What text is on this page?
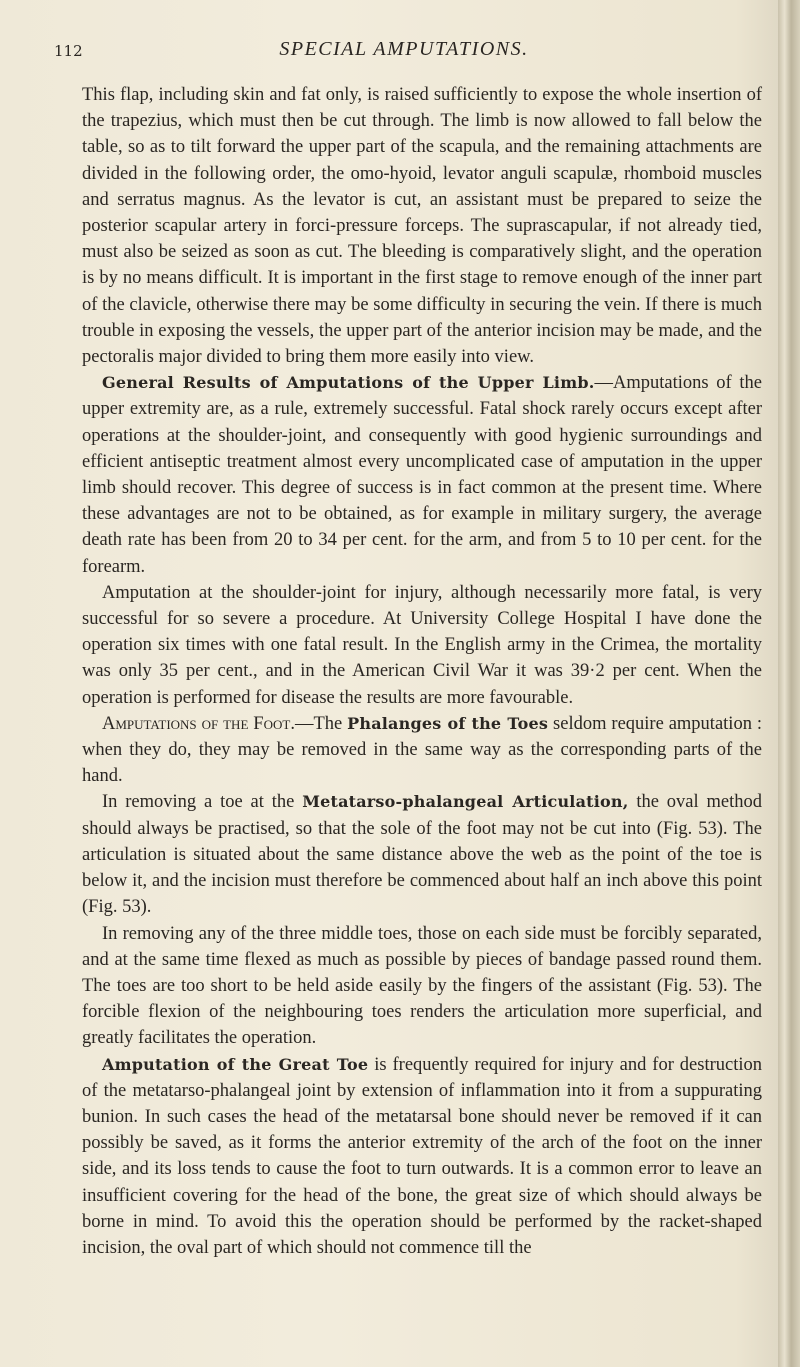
112	SPECIAL AMPUTATIONS.

This flap, including skin and fat only, is raised sufficiently to expose the whole insertion of the trapezius, which must then be cut through. The limb is now allowed to fall below the table, so as to tilt forward the upper part of the scapula, and the remaining attachments are divided in the following order, the omo-hyoid, levator anguli scapulæ, rhomboid muscles and serratus magnus. As the levator is cut, an assistant must be prepared to seize the posterior scapular artery in forci-pressure forceps. The suprascapular, if not already tied, must also be seized as soon as cut. The bleeding is comparatively slight, and the operation is by no means difficult. It is important in the first stage to remove enough of the inner part of the clavicle, otherwise there may be some difficulty in securing the vein. If there is much trouble in exposing the vessels, the upper part of the anterior incision may be made, and the pectoralis major divided to bring them more easily into view.

General Results of Amputations of the Upper Limb.—Amputations of the upper extremity are, as a rule, extremely successful. Fatal shock rarely occurs except after operations at the shoulder-joint, and consequently with good hygienic surroundings and efficient antiseptic treatment almost every uncomplicated case of amputation in the upper limb should recover. This degree of success is in fact common at the present time. Where these advantages are not to be obtained, as for example in military surgery, the average death rate has been from 20 to 34 per cent. for the arm, and from 5 to 10 per cent. for the forearm.

Amputation at the shoulder-joint for injury, although necessarily more fatal, is very successful for so severe a procedure. At University College Hospital I have done the operation six times with one fatal result. In the English army in the Crimea, the mortality was only 35 per cent., and in the American Civil War it was 39·2 per cent. When the operation is performed for disease the results are more favourable.

Amputations of the Foot.—The Phalanges of the Toes seldom require amputation : when they do, they may be removed in the same way as the corresponding parts of the hand.

In removing a toe at the Metatarso-phalangeal Articulation, the oval method should always be practised, so that the sole of the foot may not be cut into (Fig. 53). The articulation is situated about the same distance above the web as the point of the toe is below it, and the incision must therefore be commenced about half an inch above this point (Fig. 53).

In removing any of the three middle toes, those on each side must be forcibly separated, and at the same time flexed as much as possible by pieces of bandage passed round them. The toes are too short to be held aside easily by the fingers of the assistant (Fig. 53). The forcible flexion of the neighbouring toes renders the articulation more superficial, and greatly facilitates the operation.

Amputation of the Great Toe is frequently required for injury and for destruction of the metatarso-phalangeal joint by extension of inflammation into it from a suppurating bunion. In such cases the head of the metatarsal bone should never be removed if it can possibly be saved, as it forms the anterior extremity of the arch of the foot on the inner side, and its loss tends to cause the foot to turn outwards. It is a common error to leave an insufficient covering for the head of the bone, the great size of which should always be borne in mind. To avoid this the operation should be performed by the racket-shaped incision, the oval part of which should not commence till the
